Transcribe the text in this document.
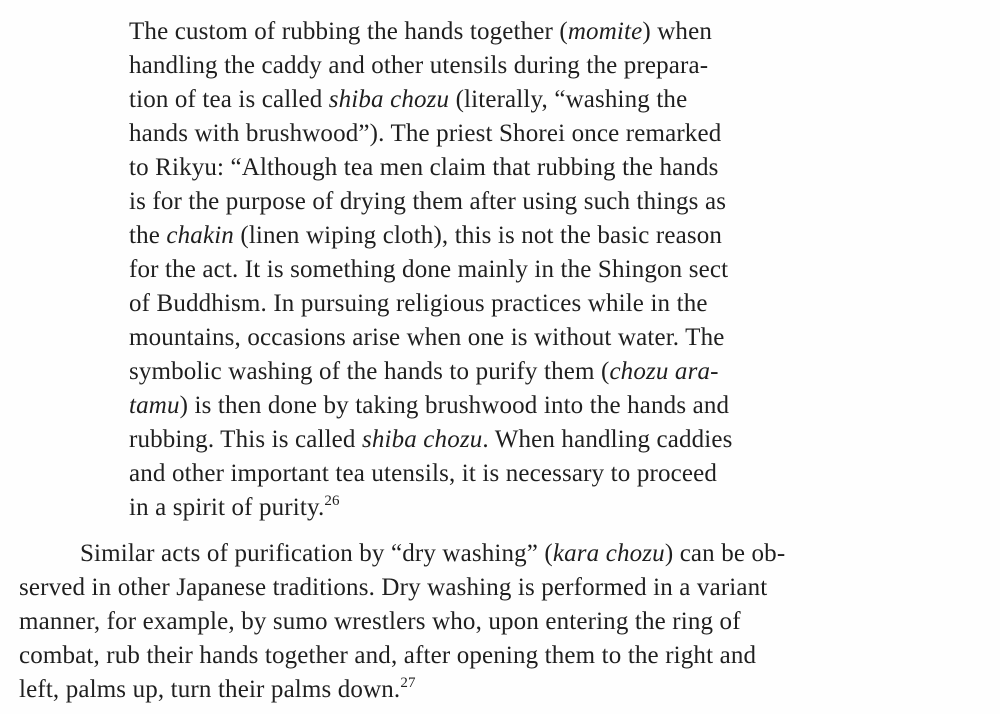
The custom of rubbing the hands together (momite) when
handling the caddy and other utensils during the prepara-
tion of tea is called shiba chozu (literally, “washing the
hands with brushwood”). The priest Shorei once remarked
to Rikyu: “Although tea men claim that rubbing the hands
is for the purpose of drying them after using such things as
the chakin (linen wiping cloth), this is not the basic reason
for the act. It is something done mainly in the Shingon sect
of Buddhism. In pursuing religious practices while in the
mountains, occasions arise when one is without water. The
symbolic washing of the hands to purify them (chozu ara-
tamu) is then done by taking brushwood into the hands and
rubbing. This is called shiba chozu. When handling caddies
and other important tea utensils, it is necessary to proceed
in a spirit of purity.$^{26}$
Similar acts of purification by “dry washing” (kara chozu) can be ob-
served in other Japanese traditions. Dry washing is performed in a variant
manner, for example, by sumo wrestlers who, upon entering the ring of
combat, rub their hands together and, after opening them to the right and
left, palms up, turn their palms down.$^{27}$
